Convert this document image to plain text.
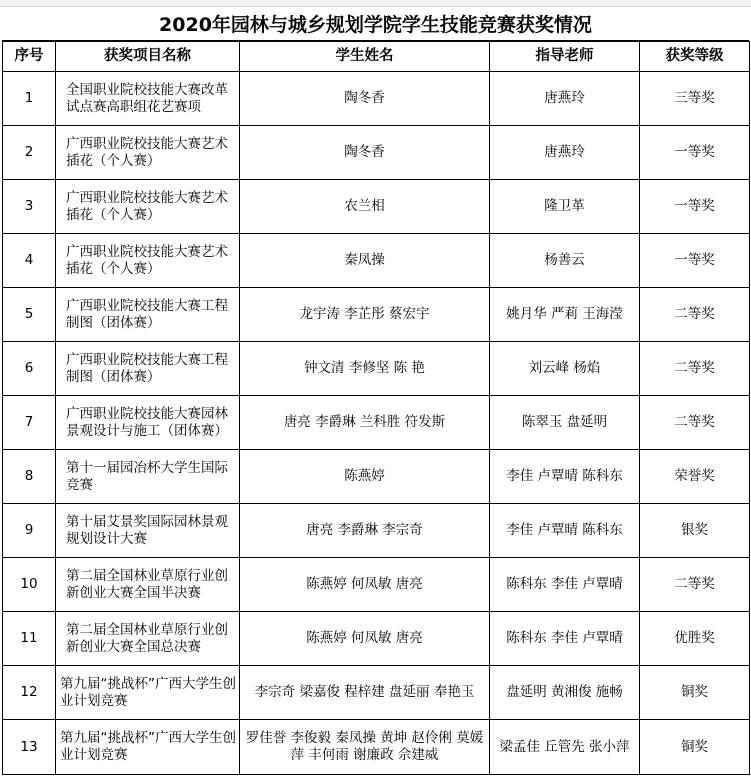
2020年园林与城乡规划学院学生技能竞赛获奖情况
序号	获奖项目名称	学生姓名	指导老师	获奖等级
1	全国职业院校技能大赛改革试点赛高职组花艺赛项	陶冬香	唐燕玲	三等奖
2	广西职业院校技能大赛艺术插花（个人赛）	陶冬香	唐燕玲	一等奖
3	广西职业院校技能大赛艺术插花（个人赛）	农兰相	隆卫革	一等奖
4	广西职业院校技能大赛艺术插花（个人赛）	秦凤操	杨善云	一等奖
5	广西职业院校技能大赛工程制图（团体赛）	龙宇涛 李芷彤 蔡宏宇	姚月华 严莉 王海滢	二等奖
6	广西职业院校技能大赛工程制图（团体赛）	钟文清 李修坚 陈 艳	刘云峰 杨焰	二等奖
7	广西职业院校技能大赛园林景观设计与施工（团体赛）	唐亮 李爵琳 兰科胜 符发斯	陈翠玉 盘延明	二等奖
8	第十一届园冶杯大学生国际竞赛	陈燕婷	李佳 卢覃晴 陈科东	荣誉奖
9	第十届艾景奖国际园林景观规划设计大赛	唐亮 李爵琳 李宗奇	李佳 卢覃晴 陈科东	银奖
10	第二届全国林业草原行业创新创业大赛全国半决赛	陈燕婷 何凤敏 唐亮	陈科东 李佳 卢覃晴	二等奖
11	第二届全国林业草原行业创新创业大赛全国总决赛	陈燕婷 何凤敏 唐亮	陈科东 李佳 卢覃晴	优胜奖
12	第九届“挑战杯”广西大学生创业计划竞赛	李宗奇 梁嘉俊 程梓建 盘延丽 奉艳玉	盘延明 黄湘俊 施畅	铜奖
13	第九届“挑战杯”广西大学生创业计划竞赛	罗佳誉 李俊毅 秦凤操 黄坤 赵伶俐 莫媛萍 丰何雨 谢廉政 佘建威	梁孟佳 丘管先 张小萍	铜奖
